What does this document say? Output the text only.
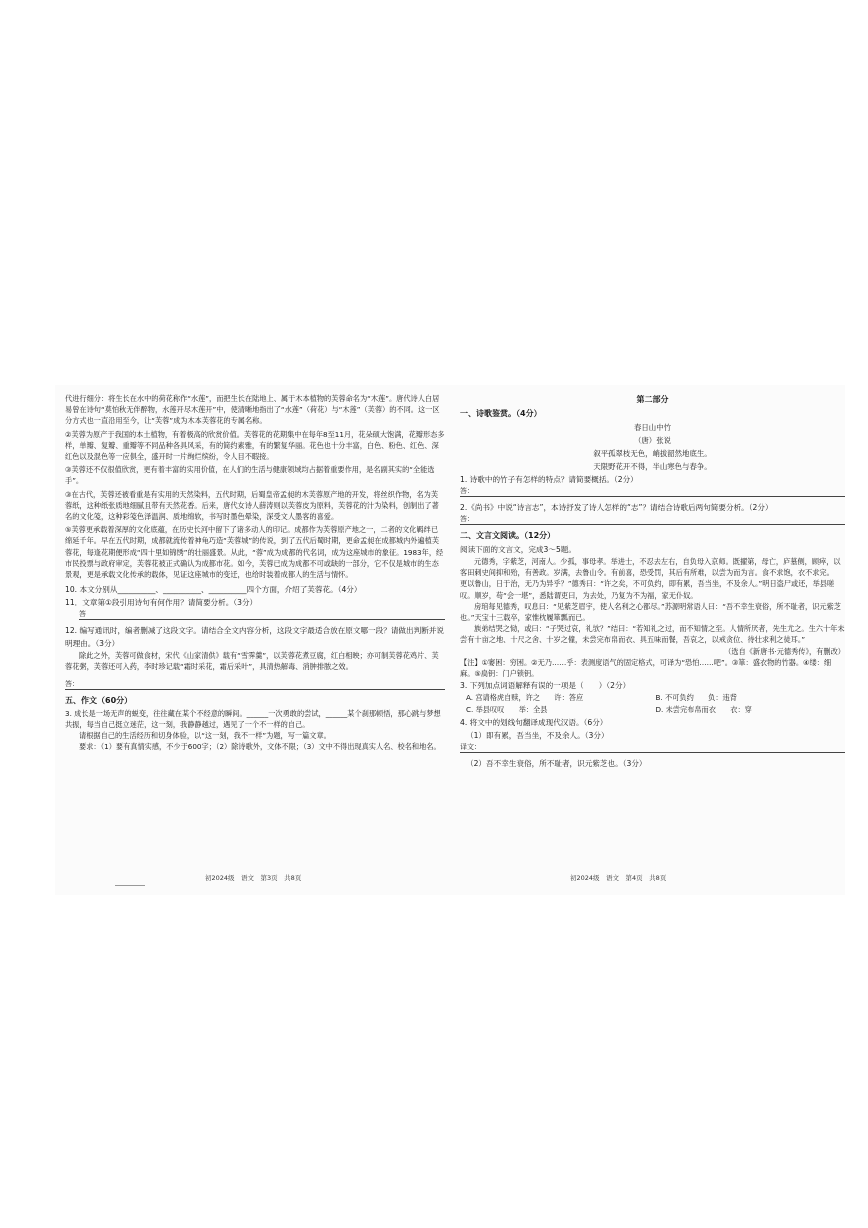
代进行细分：将生长在水中的荷花称作“水莲”，而把生长在陆地上、属于木本植物的芙蓉命名为“木莲”。唐代诗人白居易曾在诗句“莫怕秋无伴醉物，水莲开尽木莲开”中，使清晰地指出了“水莲”（荷花）与“木莲”（芙蓉）的不同。这一区分方式也一直沿用至今，让“芙蓉”成为木本芙蓉花的专属名称。

②芙蓉为原产于我国的本土植物，有着极高的欣赏价值。芙蓉花的花期集中在每年8至11月，花朵硕大饱满，花瓣形态多样，单瓣、复瓣、重瓣等不同品种各具风采，有的简约素雅，有的繁复华丽。花色也十分丰富，白色、粉色、红色、深红色以及混色等一应俱全，盛开时一片绚烂缤纷，令人目不暇接。

③芙蓉还不仅很值欣赏，更有着丰富的实用价值，在人们的生活与健康领域均占据着重要作用，是名副其实的“全能选手”。

③在古代，芙蓉还被看重是有实用的天然染料，五代时期，后蜀皇帝孟昶的木芙蓉原产地的开发，将丝织作物，名为芙蓉纸，这种纸张质地细腻且带有天然花香。后来，唐代女诗人薛涛则以芙蓉皮为原料，芙蓉花的汁为染料，创制出了著名的文化笺，这种彩笺色泽温润、质地绵软，书写时墨色晕染，深受文人墨客的喜爱。

⑤芙蓉更承载着深厚的文化底蕴，在历史长河中留下了诸多动人的印记。成都作为芙蓉原产地之一，二者的文化羁绊已绵延千年。早在五代时期，成都就流传着神龟巧造“芙蓉城”的传说，到了五代后蜀时期，更命孟昶在成都城内外遍植芙蓉花，每逢花期便形成“四十里如锦绣”的壮丽盛景。从此，“蓉”成为成都的代名词，成为这座城市的象征。1983年，经市民投票与政府审定，芙蓉花被正式确认为成都市花。如今，芙蓉已成为成都不可或缺的一部分，它不仅是城市的生态景观，更是承载文化传承的载体，见证这座城市的变迁，也给时装着成都人的生活与情怀。

10. 本文分别从__________、__________、__________四个方面，介绍了芙蓉花。（4分）

11．文章第①段引用诗句有何作用？请简要分析。（3分）

答

12. 编写通讯时，编者删减了这段文字。请结合全文内容分析，这段文字最适合放在原文哪一段？请做出判断并说明理由。（3分）

除此之外，芙蓉可做食材，宋代《山家清供》载有“雪霁羹”，以芙蓉花煮豆腐，红白相映；亦可制芙蓉花鸡片、芙蓉花粥，芙蓉还可入药，李时珍记载“霜时采花，霜后采叶”，具清热解毒、消肿排脓之效。

答：

五、作文（60分）

3. 成长是一场无声的蜕变，往往藏在某个不经意的瞬间。______一次勇敢的尝试，______某个刹那顿悟，那心跳与梦想共振，每当自己挺立迷茫，这一刻，我静静越过，遇见了一个不一样的自己。

请根据自己的生活经历和切身体验，以“这一刻，我不一样”为题，写一篇文章。

要求：（1）要有真情实感，不少于600字；（2）除诗歌外，文体不限；（3）文中不得出现真实人名、校名和地名。

初2024级　语文　第3页　共8页

第二部分

一、诗歌鉴赏。（4分）

春日山中竹

（唐）张说

叙平孤翠枝无色，峭拔韶然地底生。

天限野花开不得，半山寒色与春争。

1. 诗歌中的竹子有怎样的特点？请简要概括。（2分）

答：

2.《尚书》中说“诗言志”，本诗抒发了诗人怎样的“志”？请结合诗歌后两句简要分析。（2分）

答：

二、文言文阅读。（12分）

阅读下面的文言文，完成3～5题。

元德秀，字紫芝，河南人。少孤，事母孝。举进士，不忍去左右，自负母入京师。既擢第，母亡，庐墓侧，顾瘁，以客田刺史间抑和殆，有善政。岁满，去鲁山令。有前喜，恐受罚，其后有所难，以尝为而为言。食不求饱，衣不求完。

更以鲁山，日于治，无乃为异乎？”德秀曰：“许之矣，不可负约，即有累，吾当坐，不及余人。”明日盗尸或还，举县嗟叹。顺岁，苟“会一堪”，悉陆谓吏曰，为去处，乃复为不为福，家无仆奴。

房琯每见德秀，叹息曰：“见紫芝眉宇，使人名利之心都尽。”苏源明常语人曰：“吾不幸生衰俗，所不耻者，识元紫芝也。”天宝十三载卒，家惟枕履箪瓢而已。

族弟结哭之恸，或曰：“子哭过哀，礼欤？”结曰：“若知礼之过，而不知情之至。人情所厌者，先生尤之。生六十年未尝有十亩之地、十尺之舍、十岁之僮，未尝完布帛而衣、具五味而餐，吾哀之，以戒贪位、待壮求利之徒耳。”

（选自《新唐书·元德秀传》，有删改）

【注】①窭困：穷困。②无乃……乎：表测度语气的固定格式，可译为“恐怕……吧”。③箪：盛衣物的竹器。④缕：细麻。⑤扃钥：门户锁钥。

3. 下列加点词语解释有误的一项是（　　）（2分）

A. 宫请格虎自赎，许之　　许：答应	B. 不可负约　　负：违背
C. 举县叹叹　　举：全县	D. 未尝完布帛而衣　　衣：穿

4. 将文中的划线句翻译成现代汉语。（6分）

（1）即有累，吾当坐，不及余人。（3分）

译文：

（2）吾不幸生衰俗，所不耻者，识元紫芝也。（3分）

初2024级　语文　第4页　共8页
